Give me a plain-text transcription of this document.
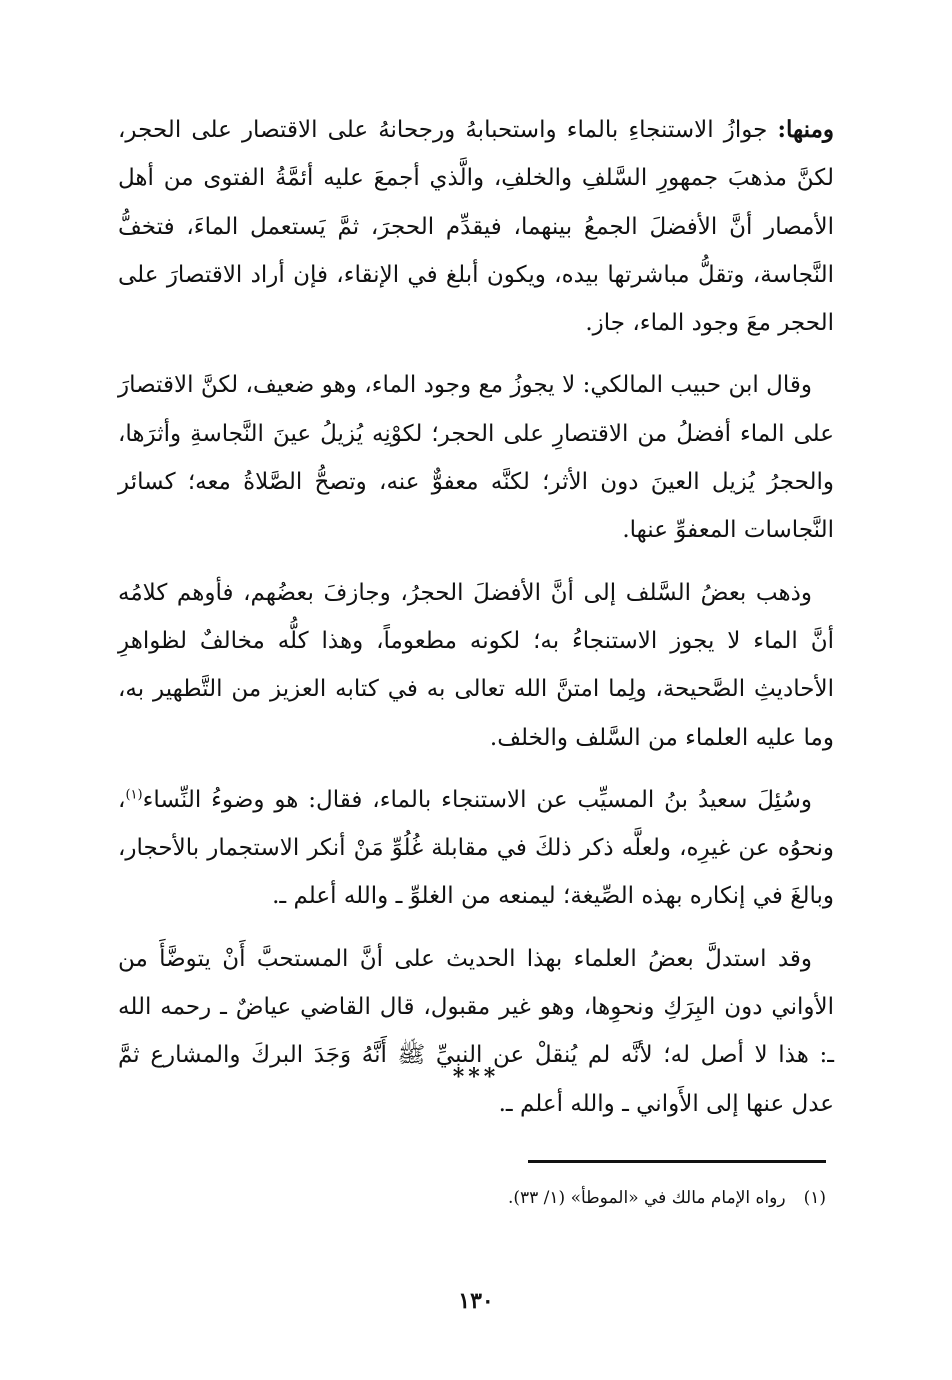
ومنها: جوازُ الاستنجاءِ بالماء واستحبابهُ ورجحانهُ على الاقتصار على الحجر، لكنَّ مذهبَ جمهورِ السَّلفِ والخلفِ، والَّذي أجمعَ عليه أئمَّةُ الفتوى من أهل الأمصار أنَّ الأفضلَ الجمعُ بينهما، فيقدِّم الحجرَ، ثمَّ يَستعمل الماءَ، فتخفُّ النَّجاسة، وتقلُّ مباشرتها بيده، ويكون أبلغ في الإنقاء، فإن أراد الاقتصارَ على الحجر معَ وجود الماء، جاز.

وقال ابن حبيب المالكي: لا يجوزُ مع وجود الماء، وهو ضعيف، لكنَّ الاقتصارَ على الماء أفضلُ من الاقتصارِ على الحجر؛ لكوْنِه يُزيلُ عينَ النَّجاسةِ وأثرَها، والحجرُ يُزيل العينَ دون الأثر؛ لكنَّه معفوٌّ عنه، وتصحُّ الصَّلاةُ معه؛ كسائر النَّجاسات المعفوِّ عنها.

وذهب بعضُ السَّلف إلى أنَّ الأفضلَ الحجرُ، وجازفَ بعضُهم، فأوهم كلامُه أنَّ الماء لا يجوز الاستنجاءُ به؛ لكونه مطعوماً، وهذا كلُّه مخالفٌ لظواهرِ الأحاديثِ الصَّحيحة، ولِما امتنَّ الله تعالى به في كتابه العزيز من التَّطهير به، وما عليه العلماء من السَّلف والخلف.

وسُئِلَ سعيدُ بنُ المسيِّب عن الاستنجاء بالماء، فقال: هو وضوءُ النِّساء$^{(١)}$، ونحوُه عن غيرِه، ولعلَّه ذكر ذلكَ في مقابلة غُلُوِّ مَنْ أنكر الاستجمار بالأحجار، وبالغَ في إنكاره بهذه الصِّيغة؛ ليمنعه من الغلوِّ ـ والله أعلم ـ.

وقد استدلَّ بعضُ العلماء بهذا الحديث على أنَّ المستحبَّ أَنْ يتوضَّأَ من الأواني دون البِرَكِ ونحوِها، وهو غير مقبول، قال القاضي عياضٌ ـ رحمه الله ـ: هذا لا أصل له؛ لأنَّه لم يُنقلْ عن النبيِّ ﷺ أَنَّهُ وَجَدَ البركَ والمشارع ثمَّ عدل عنها إلى الأَواني ـ والله أعلم ـ.

***
(١)رواه الإمام مالك في «الموطأ» (١/ ٣٣).
١٣٠
